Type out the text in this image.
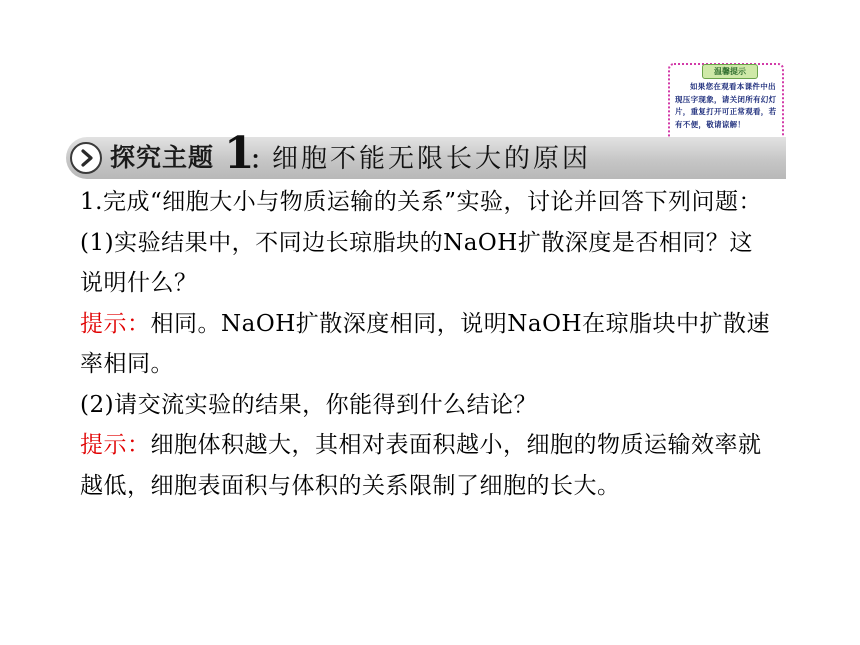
温馨提示
如果您在观看本课件中出现压字现象，请关闭所有幻灯片，重复打开可正常观看，若有不便，敬请谅解！
探究主题 1
：
细胞不能无限长大的原因

1.完成“细胞大小与物质运输的关系”实验，讨论并回答下列问题：

(1)实验结果中，不同边长琼脂块的NaOH扩散深度是否相同？这说明什么？

提示：相同。NaOH扩散深度相同，说明NaOH在琼脂块中扩散速率相同。

(2)请交流实验的结果，你能得到什么结论？

提示：细胞体积越大，其相对表面积越小，细胞的物质运输效率就越低，细胞表面积与体积的关系限制了细胞的长大。
